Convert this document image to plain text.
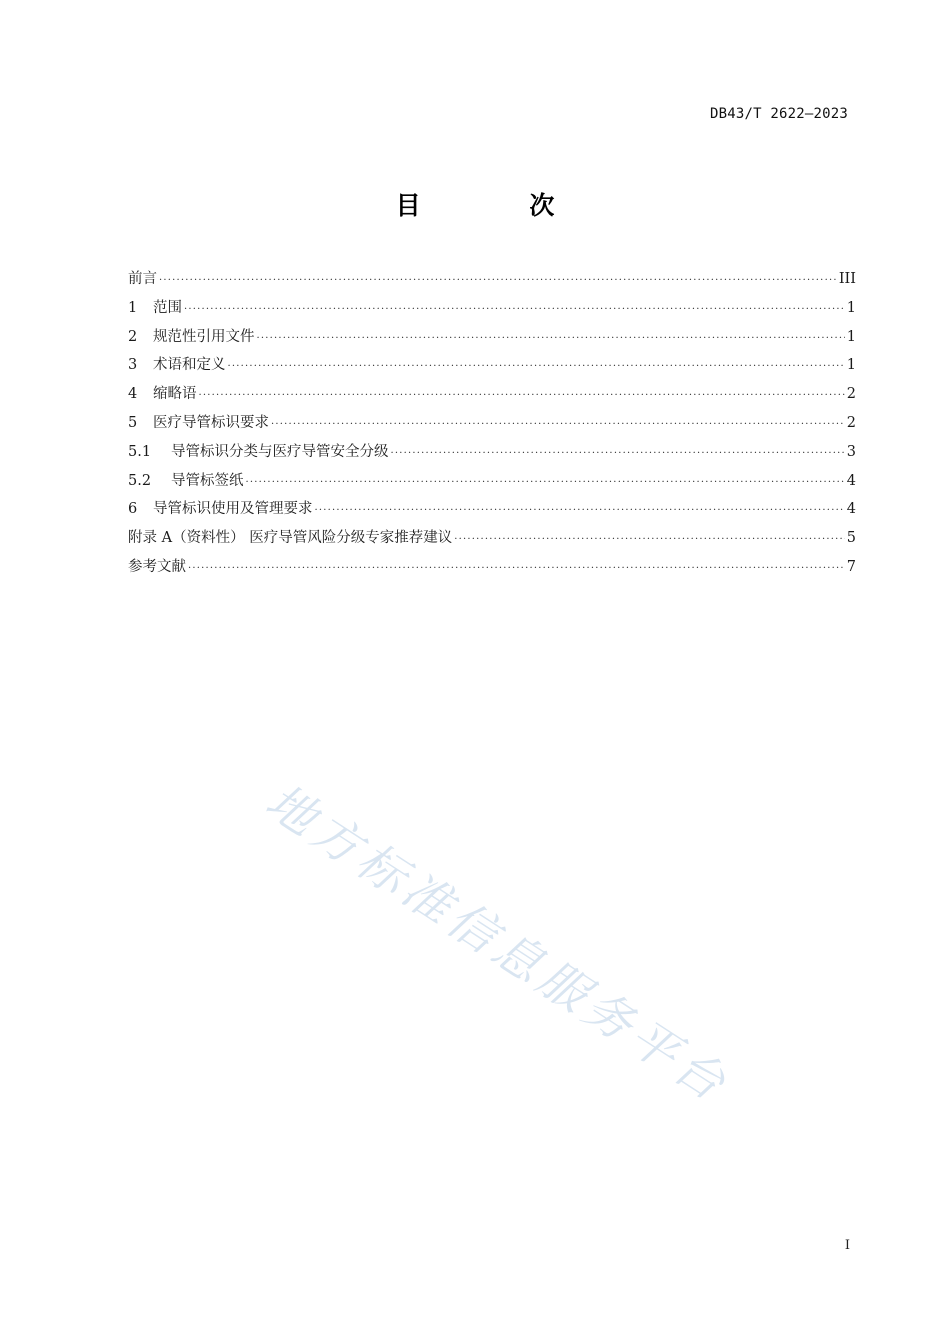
DB43/T 2622—2023
目 次
前言 ·····	III
1	范围 ·····	1
2	规范性引用文件 ·····	1
3	术语和定义 ·····	1
4	缩略语 ·····	2
5	医疗导管标识要求 ·····	2
5.1	导管标识分类与医疗导管安全分级 ·····	3
5.2	导管标签纸 ·····	4
6	导管标识使用及管理要求 ·····	4
附录 A（资料性） 医疗导管风险分级专家推荐建议 ·····	5
参考文献 ·····	7
地方标准信息服务平台
I
